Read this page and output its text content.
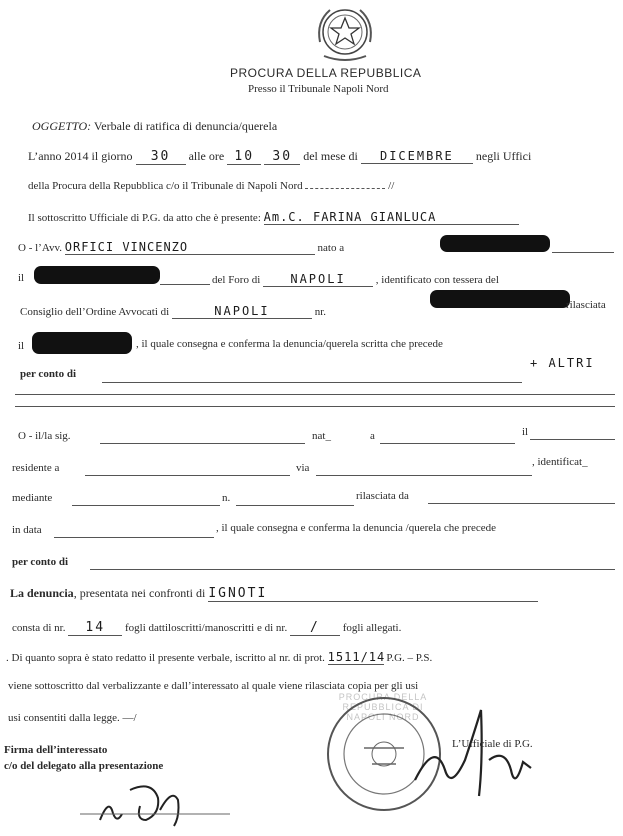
PROCURA DELLA REPUBBLICA
Presso il Tribunale Napoli Nord
OGGETTO: Verbale di ratifica di denuncia/querela
L’anno 2014 il giorno 30 alle ore 10 30 del mese di DICEMBRE negli Uffici
della Procura della Repubblica c/o il Tribunale di Napoli Nord	//
Il sottoscritto Ufficiale di P.G. da atto che è presente: Am.C. FARINA GIANLUCA
O - l’Avv. ORFICI VINCENZO	nato a
il	del Foro di	NAPOLI	, identificato con tessera del
Consiglio dell’Ordine Avvocati di	NAPOLI	nr.
rilasciata
il	, il quale consegna e conferma la denuncia/querela scritta che precede
per conto di
+ ALTRI
O - il/la sig.	nat_	a	il
residente a	via	, identificat_
mediante	n.	rilasciata da
in data	, il quale consegna e conferma la denuncia /querela che precede
per conto di
La denuncia, presentata nei confronti di IGNOTI
consta di nr. 14 fogli dattiloscritti/manoscritti e di nr. / fogli allegati.
. Di quanto sopra è stato redatto il presente verbale, iscritto al nr. di prot. 1511/14 P.G. – P.S.
viene sottoscritto dal verbalizzante e dall’interessato al quale viene rilasciata copia per gli usi
usi consentiti dalla legge. —/
Firma dell’interessato
c/o del delegato alla presentazione
L’Ufficiale di P.G.
PROCURA DELLA REPUBBLICA DI NAPOLI NORD
